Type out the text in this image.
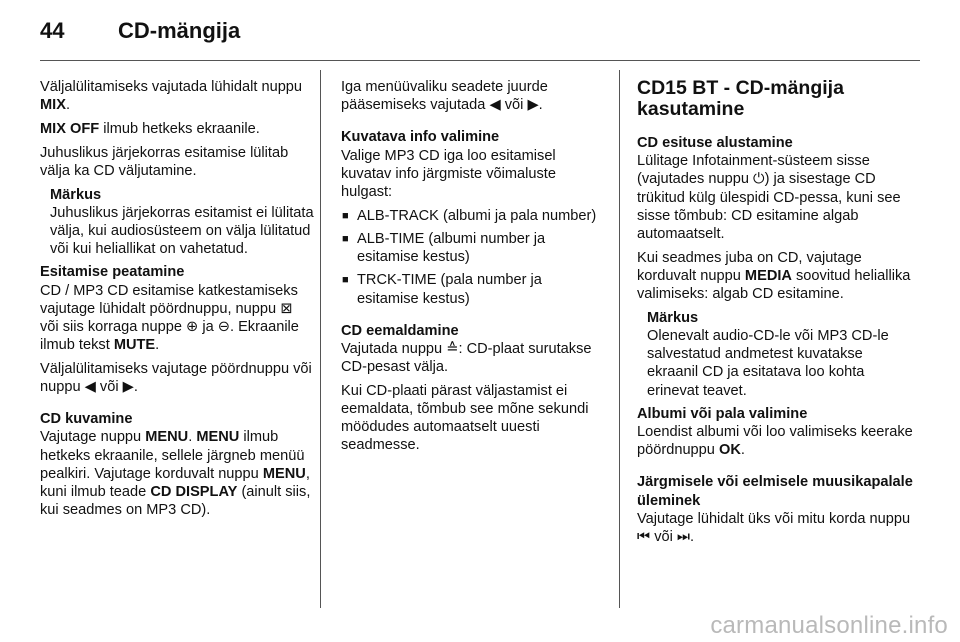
44 CD-mängija

Väljalülitamiseks vajutada lühidalt nuppu MIX.

MIX OFF ilmub hetkeks ekraanile.

Juhuslikus järjekorras esitamise lülitab välja ka CD väljutamine.

Märkus
Juhuslikus järjekorras esitamist ei lülitata välja, kui audiosüsteem on välja lülitatud või kui heliallikat on vahetatud.
Esitamise peatamine

CD / MP3 CD esitamise katkestamiseks vajutage lühidalt pöördnuppu, nuppu ⊠ või siis korraga nuppe ⊕ ja ⊖. Ekraanile ilmub tekst MUTE.

Väljalülitamiseks vajutage pöördnuppu või nuppu ◀ või ▶.

CD kuvamine

Vajutage nuppu MENU. MENU ilmub hetkeks ekraanile, sellele järgneb menüü pealkiri. Vajutage korduvalt nuppu MENU, kuni ilmub teade CD DISPLAY (ainult siis, kui seadmes on MP3 CD).

Iga menüüvaliku seadete juurde pääsemiseks vajutada ◀ või ▶.

Kuvatava info valimine

Valige MP3 CD iga loo esitamisel kuvatav info järgmiste võimaluste hulgast:

■ ALB-TRACK (albumi ja pala number)
■ ALB-TIME (albumi number ja esitamise kestus)
■ TRCK-TIME (pala number ja esitamise kestus)
CD eemaldamine

Vajutada nuppu ≙: CD-plaat surutakse CD-pesast välja.

Kui CD-plaati pärast väljastamist ei eemaldata, tõmbub see mõne sekundi möödudes automaatselt uuesti seadmesse.

CD15 BT - CD-mängija kasutamine
CD esituse alustamine

Lülitage Infotainment-süsteem sisse (vajutades nuppu ⏻) ja sisestage CD trükitud külg ülespidi CD-pessa, kuni see sisse tõmbub: CD esitamine algab automaatselt.

Kui seadmes juba on CD, vajutage korduvalt nuppu MEDIA soovitud heliallika valimiseks: algab CD esitamine.

Märkus
Olenevalt audio-CD-le või MP3 CD-le salvestatud andmetest kuvatakse ekraanil CD ja esitatava loo kohta erinevat teavet.
Albumi või pala valimine

Loendist albumi või loo valimiseks keerake pöördnuppu OK.

Järgmisele või eelmisele muusikapalale üleminek

Vajutage lühidalt üks või mitu korda nuppu ⏮ või ⏭.

carmanualsonline.info
